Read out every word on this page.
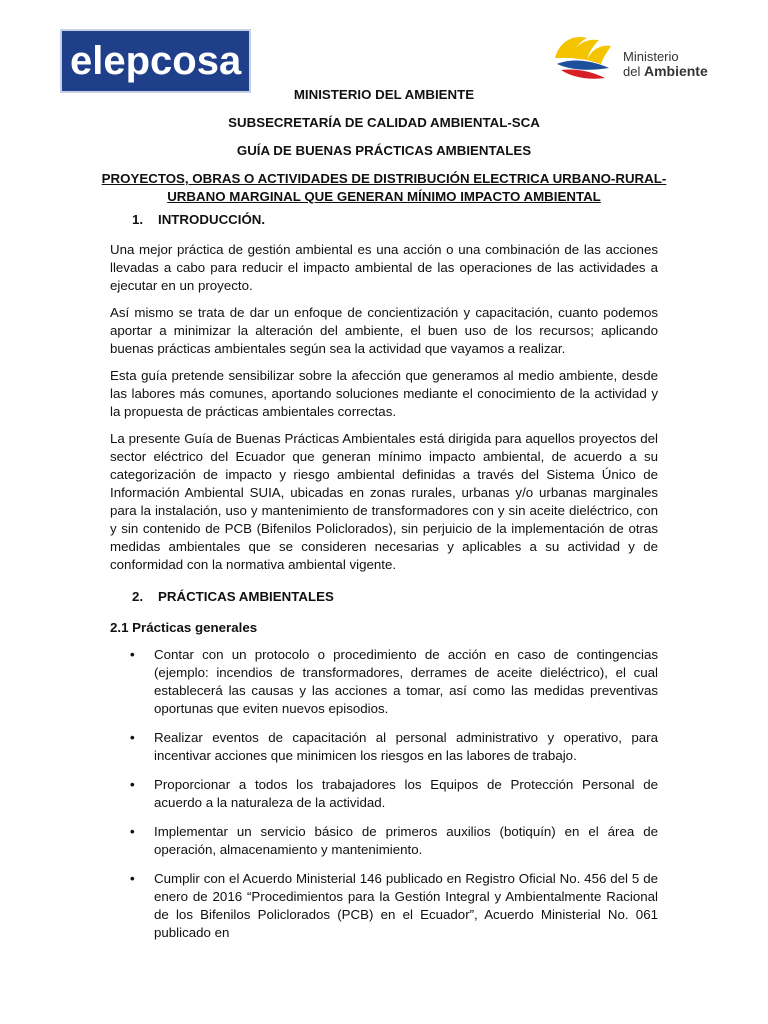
elepcosa	Ministerio
del Ambiente
MINISTERIO DEL AMBIENTE
SUBSECRETARÍA DE CALIDAD AMBIENTAL-SCA
GUÍA DE BUENAS PRÁCTICAS AMBIENTALES
PROYECTOS, OBRAS O ACTIVIDADES DE DISTRIBUCIÓN ELECTRICA URBANO-RURAL-
URBANO MARGINAL QUE GENERAN MÍNIMO IMPACTO AMBIENTAL
1. INTRODUCCIÓN.

Una mejor práctica de gestión ambiental es una acción o una combinación de las acciones llevadas a cabo para reducir el impacto ambiental de las operaciones de las actividades a ejecutar en un proyecto.

Así mismo se trata de dar un enfoque de concientización y capacitación, cuanto podemos aportar a minimizar la alteración del ambiente, el buen uso de los recursos; aplicando buenas prácticas ambientales según sea la actividad que vayamos a realizar.

Esta guía pretende sensibilizar sobre la afección que generamos al medio ambiente, desde las labores más comunes, aportando soluciones mediante el conocimiento de la actividad y la propuesta de prácticas ambientales correctas.

La presente Guía de Buenas Prácticas Ambientales está dirigida para aquellos proyectos del sector eléctrico del Ecuador que generan mínimo impacto ambiental, de acuerdo a su categorización de impacto y riesgo ambiental definidas a través del Sistema Único de Información Ambiental SUIA, ubicadas en zonas rurales, urbanas y/o urbanas marginales para la instalación, uso y mantenimiento de transformadores con y sin aceite dieléctrico, con y sin contenido de PCB (Bifenilos Policlorados), sin perjuicio de la implementación de otras medidas ambientales que se consideren necesarias y aplicables a su actividad y de conformidad con la normativa ambiental vigente.

2. PRÁCTICAS AMBIENTALES
2.1 Prácticas generales
• Contar con un protocolo o procedimiento de acción en caso de contingencias (ejemplo: incendios de transformadores, derrames de aceite dieléctrico), el cual establecerá las causas y las acciones a tomar, así como las medidas preventivas oportunas que eviten nuevos episodios.
• Realizar eventos de capacitación al personal administrativo y operativo, para incentivar acciones que minimicen los riesgos en las labores de trabajo.
• Proporcionar a todos los trabajadores los Equipos de Protección Personal de acuerdo a la naturaleza de la actividad.
• Implementar un servicio básico de primeros auxilios (botiquín) en el área de operación, almacenamiento y mantenimiento.
• Cumplir con el Acuerdo Ministerial 146 publicado en Registro Oficial No. 456 del 5 de enero de 2016 “Procedimientos para la Gestión Integral y Ambientalmente Racional de los Bifenilos Policlorados (PCB) en el Ecuador”, Acuerdo Ministerial No. 061 publicado en
